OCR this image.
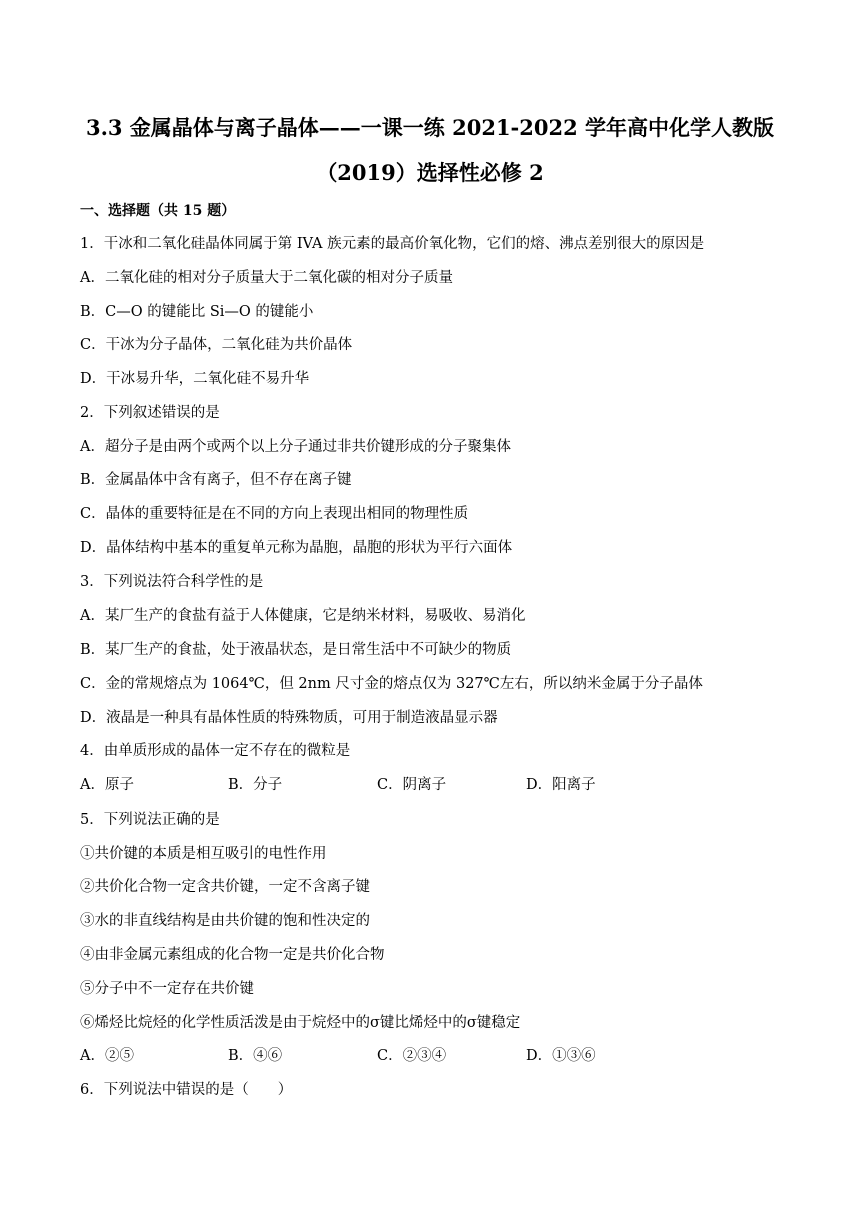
3.3 金属晶体与离子晶体——一课一练 2021-2022 学年高中化学人教版
（2019）选择性必修 2
一、选择题（共 15 题）
1．干冰和二氧化硅晶体同属于第 IVA 族元素的最高价氧化物，它们的熔、沸点差别很大的原因是
A．二氧化硅的相对分子质量大于二氧化碳的相对分子质量
B．C—O 的键能比 Si—O 的键能小
C．干冰为分子晶体，二氧化硅为共价晶体
D．干冰易升华，二氧化硅不易升华
2．下列叙述错误的是
A．超分子是由两个或两个以上分子通过非共价键形成的分子聚集体
B．金属晶体中含有离子，但不存在离子键
C．晶体的重要特征是在不同的方向上表现出相同的物理性质
D．晶体结构中基本的重复单元称为晶胞，晶胞的形状为平行六面体
3．下列说法符合科学性的是
A．某厂生产的食盐有益于人体健康，它是纳米材料，易吸收、易消化
B．某厂生产的食盐，处于液晶状态，是日常生活中不可缺少的物质
C．金的常规熔点为 1064℃，但 2nm 尺寸金的熔点仅为 327℃左右，所以纳米金属于分子晶体
D．液晶是一种具有晶体性质的特殊物质，可用于制造液晶显示器
4．由单质形成的晶体一定不存在的微粒是
A．原子	B．分子	C．阴离子	D．阳离子
5．下列说法正确的是
①共价键的本质是相互吸引的电性作用
②共价化合物一定含共价键，一定不含离子键
③水的非直线结构是由共价键的饱和性决定的
④由非金属元素组成的化合物一定是共价化合物
⑤分子中不一定存在共价键
⑥烯烃比烷烃的化学性质活泼是由于烷烃中的σ键比烯烃中的σ键稳定
A．②⑤	B．④⑥	C．②③④	D．①③⑥
6．下列说法中错误的是（　　）
